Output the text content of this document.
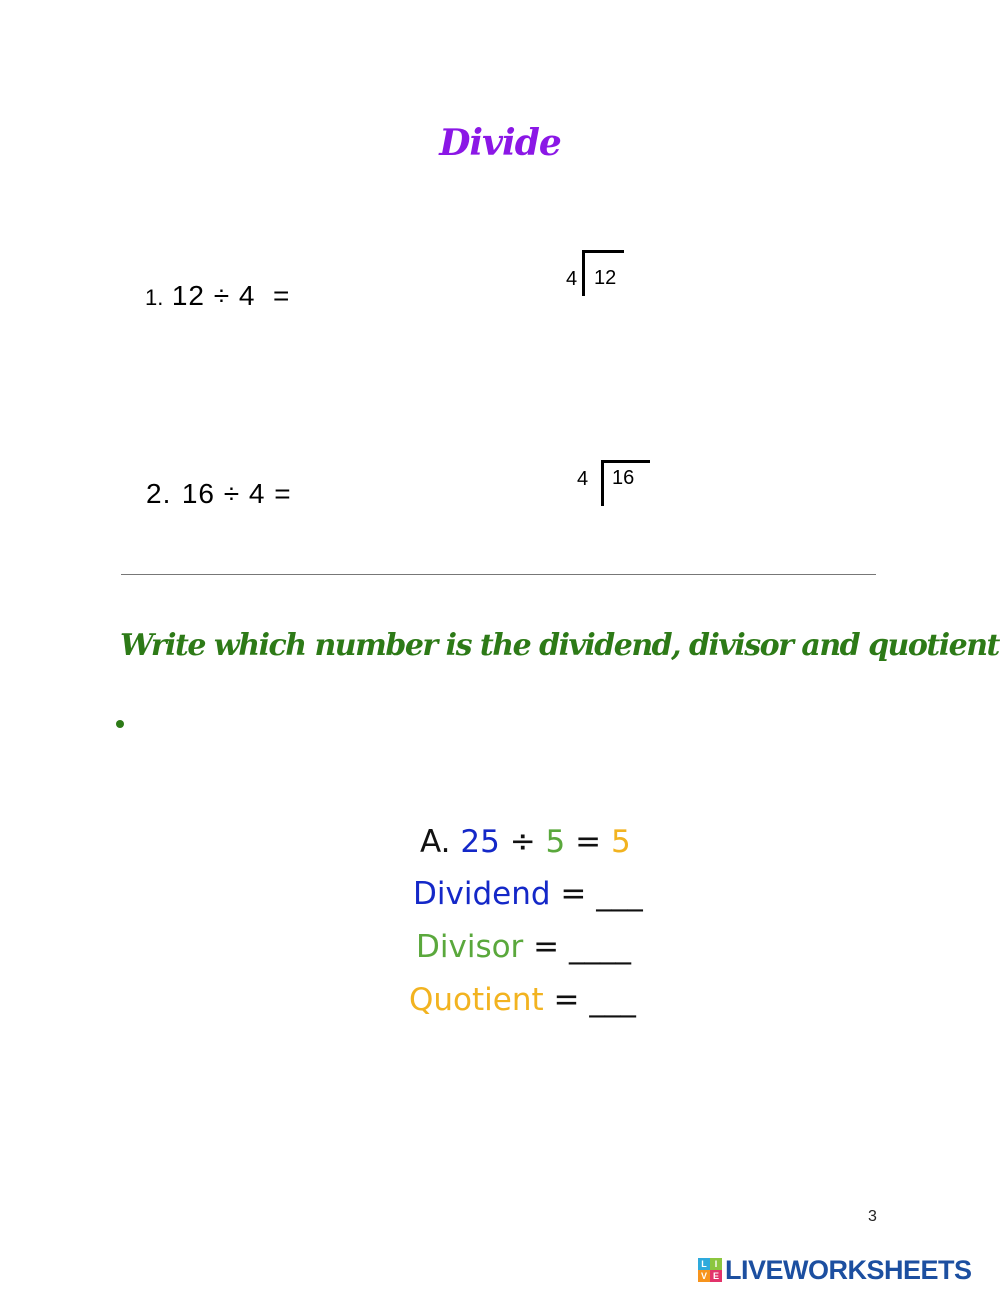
Divide
1. 12 ÷ 4  =
4 12
2. 16 ÷ 4 =	4 16
Write which number is the dividend, divisor and quotient
A. 25 ÷ 5 = 5
Dividend = ___
Divisor = ____
Quotient = ___
3
L I
V E LIVEWORKSHEETS
